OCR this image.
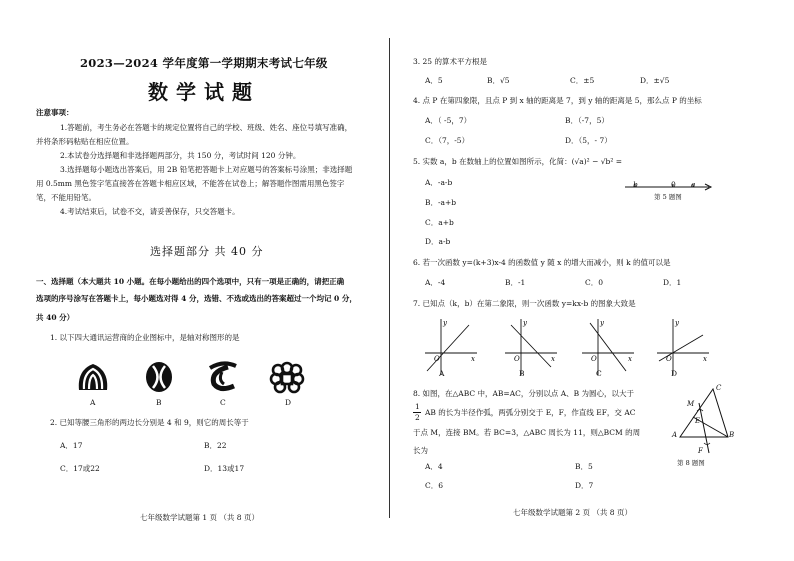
2023—2024 学年度第一学期期末考试七年级
数学试题
注意事项：
1.答题前，考生务必在答题卡的规定位置将自己的学校、班级、姓名、座位号填写准确，
并将条形码粘贴在相应位置。
2.本试卷分选择题和非选择题两部分，共 150 分，考试时间 120 分钟。
3.选择题每小题选出答案后，用 2B 铅笔把答题卡上对应题号的答案标号涂黑；非选择题
用 0.5mm 黑色签字笔直接答在答题卡相应区域，不能答在试卷上；解答题作图需用黑色签字
笔，不能用铅笔。
4.考试结束后，试卷不交，请妥善保存，只交答题卡。
选择题部分 共 40 分
一、选择题（本大题共 10 小题。在每小题给出的四个选项中，只有一项是正确的，请把正确
选项的序号涂写在答题卡上，每小题选对得 4 分，选错、不选或选出的答案超过一个均记 0 分，
共 40 分）
1. 以下四大通讯运营商的企业图标中，是轴对称图形的是
A	B	C	D
2. 已知等腰三角形的两边长分别是 4 和 9，则它的周长等于
A．17	B．22
C．17或22	D．13或17
七年级数学试题第 1 页 （共 8 页）
3. 25 的算术平方根是
A．5	B．√5	C．±5	D．±√5
4. 点 P 在第四象限，且点 P 到 x 轴的距离是 7，到 y 轴的距离是 5，那么点 P 的坐标
A．（ -5，7）	B．（-7，5）
C．（7，-5）	D．（5，- 7）
5. 实数 a，b 在数轴上的位置如图所示，化简：(√a)² − √b² =
A．-a-b
B．-a+b
C．a+b
D．a-b
b	0 a
第 5 题图
6. 若一次函数 y=(k+3)x-4 的函数值 y 随 x 的增大而减小，则 k 的值可以是
A．-4	B．-1	C．0	D．1
7. 已知点（k，b）在第二象限，则一次函数 y=kx-b 的图象大致是
y
O	x
A
y
O	x
B
y
O	x
C
y
O	x
D
8. 如图，在△ABC 中，AB=AC，分别以点 A、B 为圆心，以大于
1
2
AB 的长为半径作弧，两弧分别交于 E，F，作直线 EF，交 AC
于点 M，连接 BM。若 BC=3，△ABC 周长为 11，则△BCM 的周
长为
A．4	B．5
C．6	D．7
C
M
E
A	B
F
第 8 题图
七年级数学试题第 2 页 （共 8 页）
